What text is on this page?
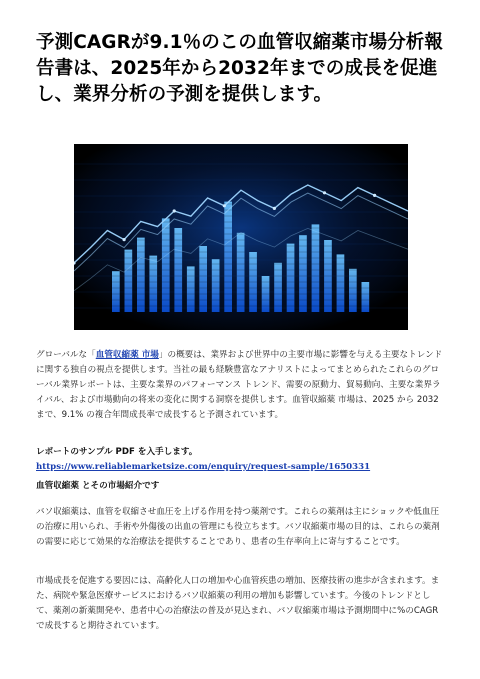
予測CAGRが9.1％のこの血管収縮薬市場分析報告書は、2025年から2032年までの成長を促進し、業界分析の予測を提供します。

グローバルな「血管収縮薬 市場」の概要は、業界および世界中の主要市場に影響を与える主要なトレンドに関する独自の視点を提供します。当社の最も経験豊富なアナリストによってまとめられたこれらのグローバル業界レポートは、主要な業界のパフォーマンス トレンド、需要の原動力、貿易動向、主要な業界ライバル、および市場動向の将来の変化に関する洞察を提供します。血管収縮薬 市場は、2025 から 2032 まで、9.1% の複合年間成長率で成長すると予測されています。

レポートのサンプル PDF を入手します。https://www.reliablemarketsize.com/enquiry/request-sample/1650331

血管収縮薬 とその市場紹介です

バソ収縮薬は、血管を収縮させ血圧を上げる作用を持つ薬剤です。これらの薬剤は主にショックや低血圧の治療に用いられ、手術や外傷後の出血の管理にも役立ちます。バソ収縮薬市場の目的は、これらの薬剤の需要に応じて効果的な治療法を提供することであり、患者の生存率向上に寄与することです。

市場成長を促進する要因には、高齢化人口の増加や心血管疾患の増加、医療技術の進歩が含まれます。また、病院や緊急医療サービスにおけるバソ収縮薬の利用の増加も影響しています。今後のトレンドとして、薬剤の新薬開発や、患者中心の治療法の普及が見込まれ、バソ収縮薬市場は予測期間中に%のCAGRで成長すると期待されています。
